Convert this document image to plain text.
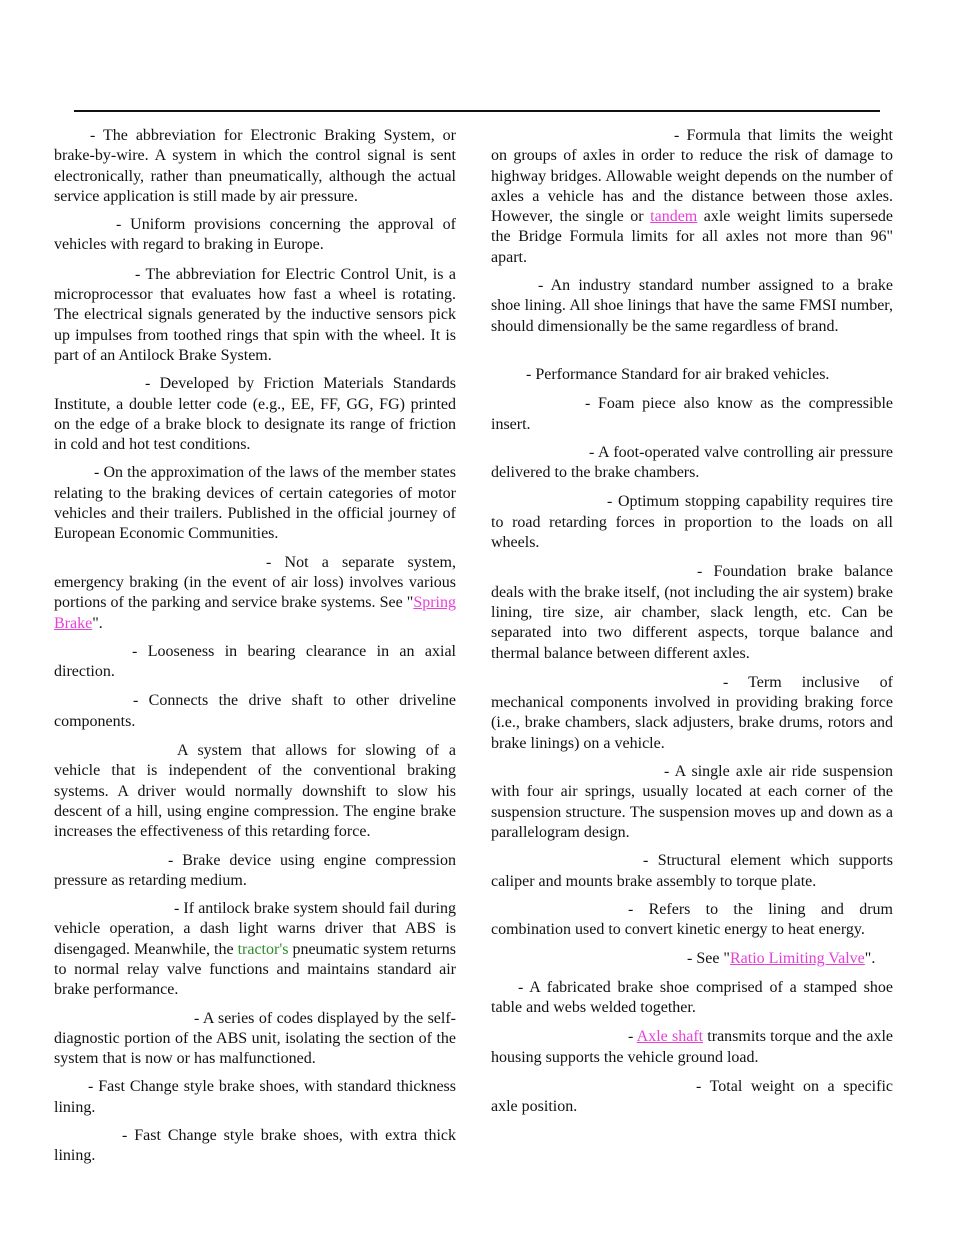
- The abbreviation for Electronic Braking System, or brake-by-wire. A system in which the control signal is sent electronically, rather than pneumatically, although the actual service application is still made by air pressure.

- Uniform provisions concerning the approval of vehicles with regard to braking in Europe.

- The abbreviation for Electric Control Unit, is a microprocessor that evaluates how fast a wheel is rotating. The electrical signals generated by the inductive sensors pick up impulses from toothed rings that spin with the wheel. It is part of an Antilock Brake System.

- Developed by Friction Materials Standards Institute, a double letter code (e.g., EE, FF, GG, FG) printed on the edge of a brake block to designate its range of friction in cold and hot test conditions.

- On the approximation of the laws of the member states relating to the braking devices of certain categories of motor vehicles and their trailers. Published in the official journey of European Economic Communities.

- Not a separate system, emergency braking (in the event of air loss) involves various portions of the parking and service brake systems. See "Spring Brake".

- Looseness in bearing clearance in an axial direction.

- Connects the drive shaft to other driveline components.

A system that allows for slowing of a vehicle that is independent of the conventional braking systems. A driver would normally downshift to slow his descent of a hill, using engine compression. The engine brake increases the effectiveness of this retarding force.

- Brake device using engine compression pressure as retarding medium.

- If antilock brake system should fail during vehicle operation, a dash light warns driver that ABS is disengaged. Meanwhile, the tractor's pneumatic system returns to normal relay valve functions and maintains standard air brake performance.

- A series of codes displayed by the self-diagnostic portion of the ABS unit, isolating the section of the system that is now or has malfunctioned.

- Fast Change style brake shoes, with standard thickness lining.

- Fast Change style brake shoes, with extra thick lining.

- Formula that limits the weight on groups of axles in order to reduce the risk of damage to highway bridges. Allowable weight depends on the number of axles a vehicle has and the distance between those axles. However, the single or tandem axle weight limits supersede the Bridge Formula limits for all axles not more than 96" apart.

- An industry standard number assigned to a brake shoe lining. All shoe linings that have the same FMSI number, should dimensionally be the same regardless of brand.

- Performance Standard for air braked vehicles.

- Foam piece also know as the compressible insert.

- A foot-operated valve controlling air pressure delivered to the brake chambers.

- Optimum stopping capability requires tire to road retarding forces in proportion to the loads on all wheels.

- Foundation brake balance deals with the brake itself, (not including the air system) brake lining, tire size, air chamber, slack length, etc. Can be separated into two different aspects, torque balance and thermal balance between different axles.

- Term inclusive of mechanical components involved in providing braking force (i.e., brake chambers, slack adjusters, brake drums, rotors and brake linings) on a vehicle.

- A single axle air ride suspension with four air springs, usually located at each corner of the suspension structure. The suspension moves up and down as a parallelogram design.

- Structural element which supports caliper and mounts brake assembly to torque plate.

- Refers to the lining and drum combination used to convert kinetic energy to heat energy.

- See "Ratio Limiting Valve".

- A fabricated brake shoe comprised of a stamped shoe table and webs welded together.

- Axle shaft transmits torque and the axle housing supports the vehicle ground load.

- Total weight on a specific axle position.
